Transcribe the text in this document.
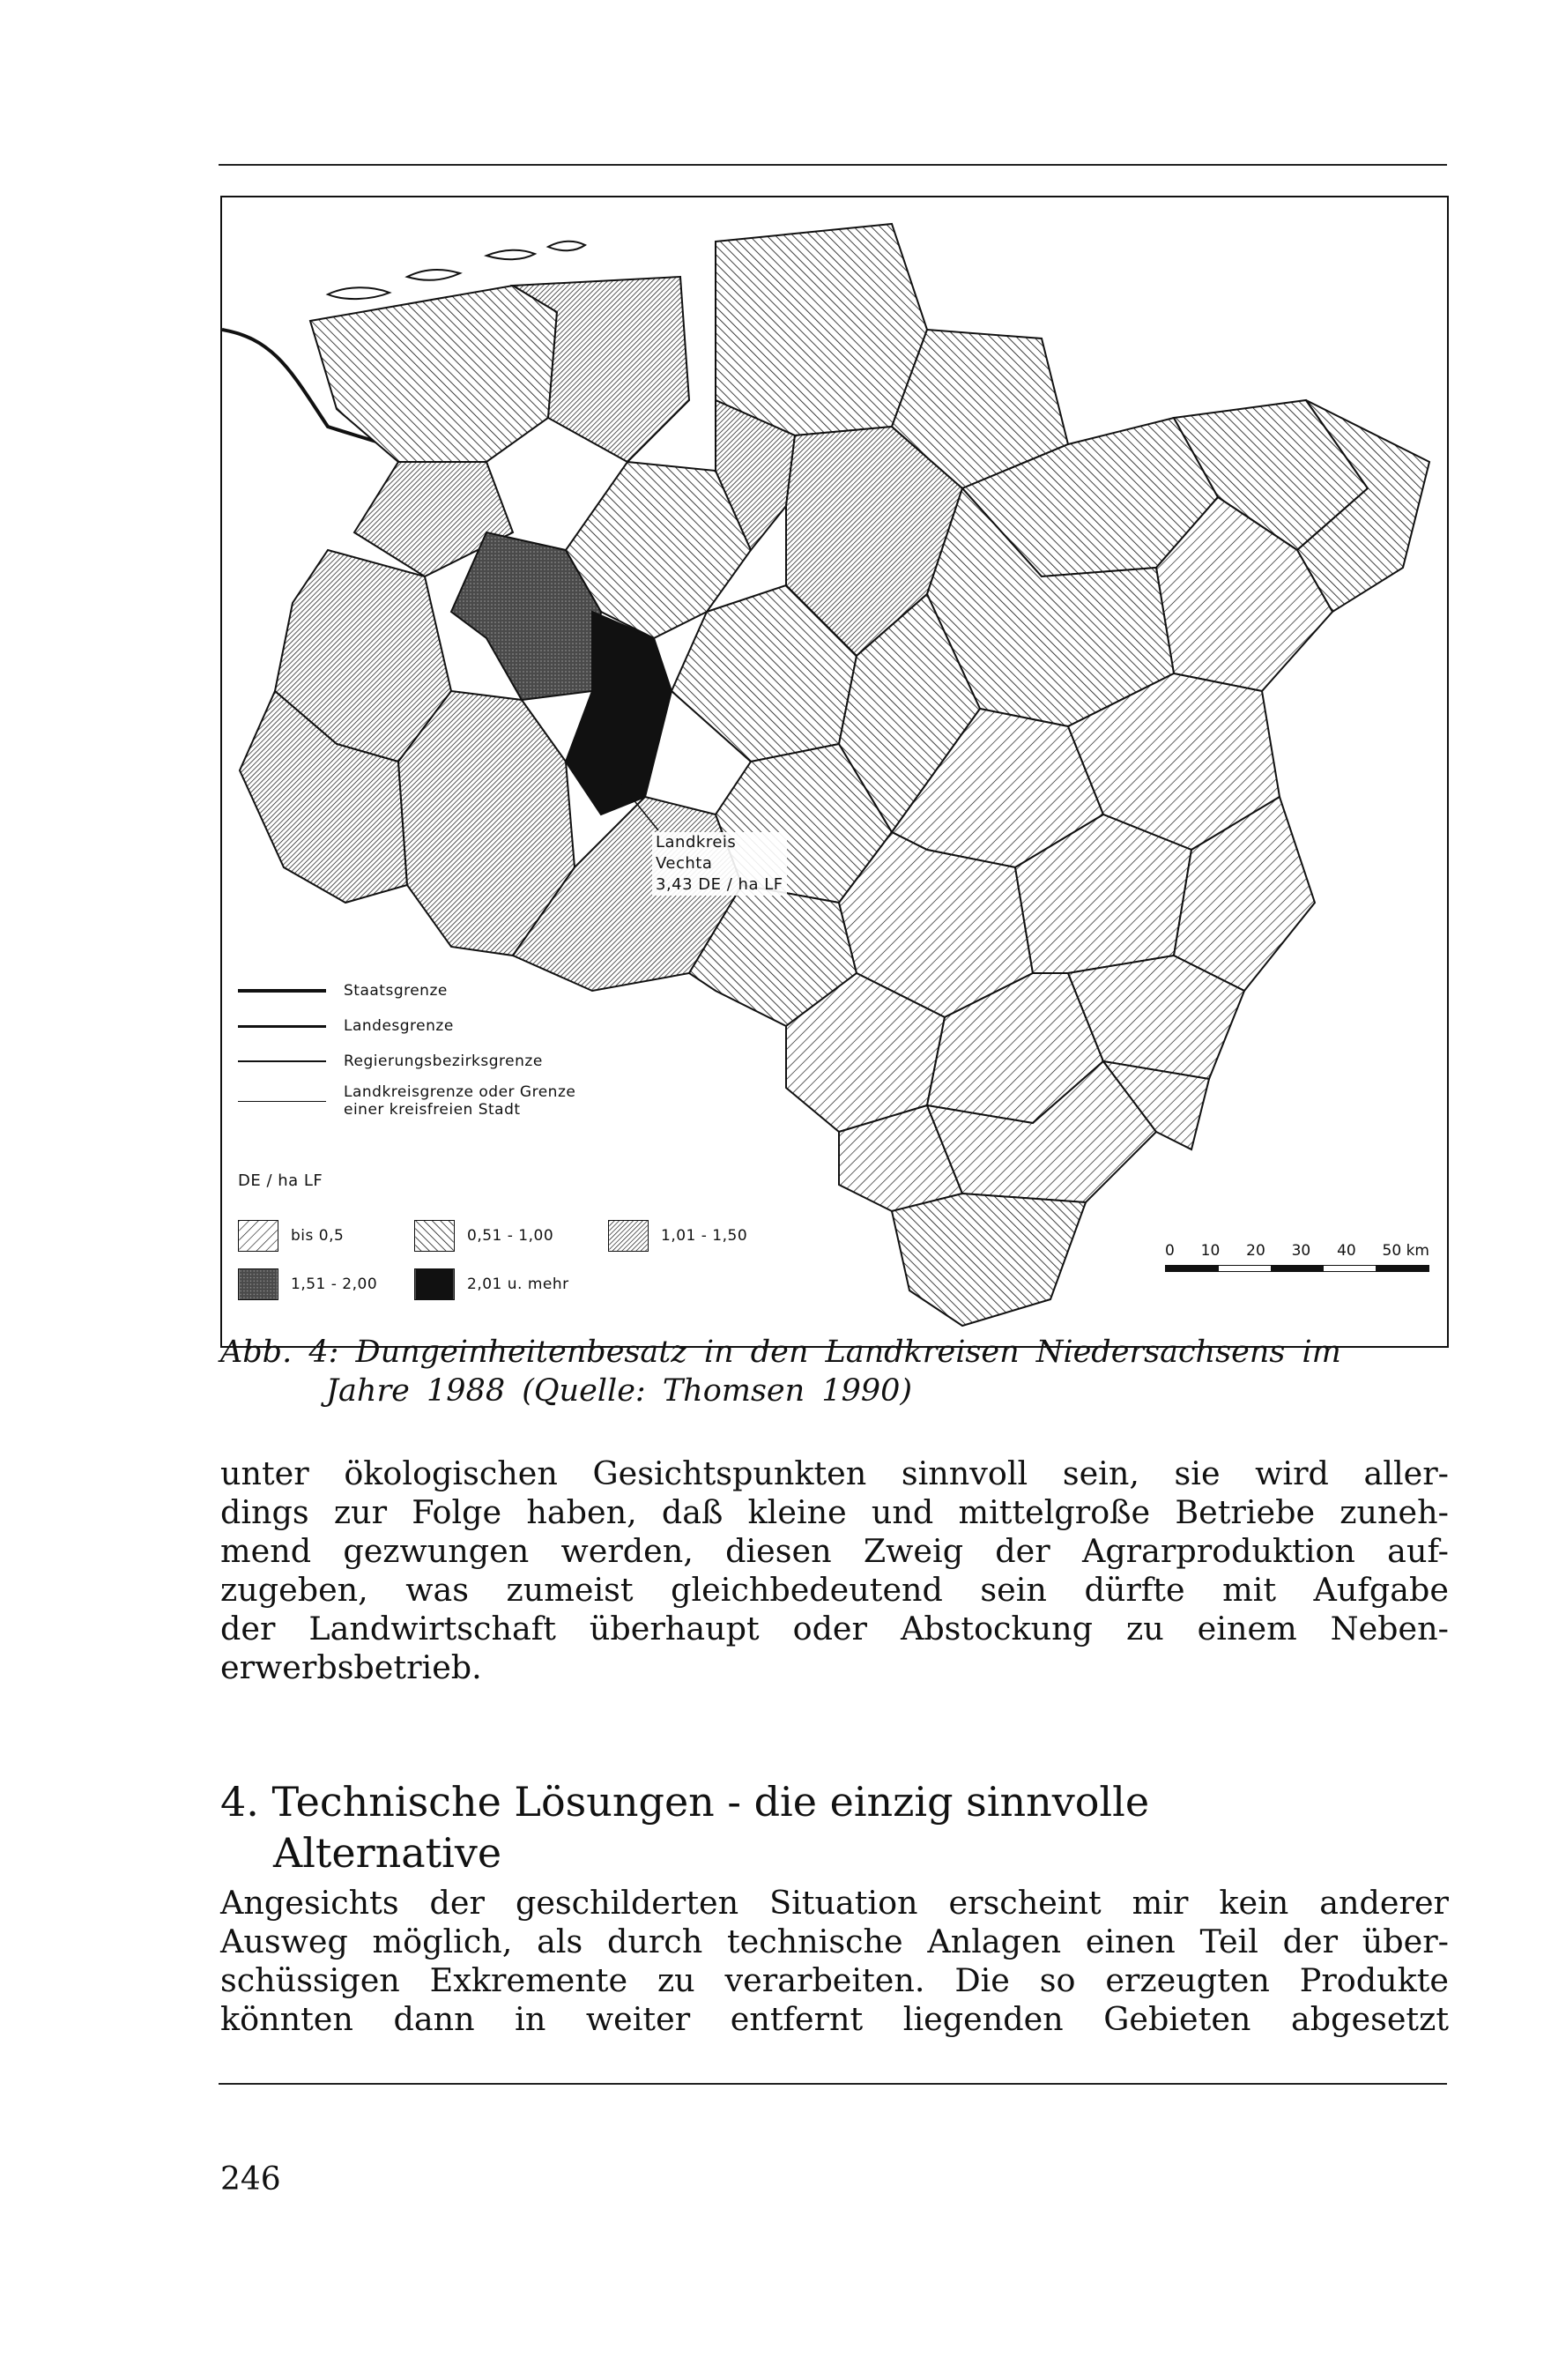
Landkreis
Vechta
3,43 DE / ha LF
Staatsgrenze
Landesgrenze
Regierungsbezirksgrenze
Landkreisgrenze oder Grenze
einer kreisfreien Stadt
DE / ha LF
bis 0,5	0,51 - 1,00	1,01 - 1,50
1,51 - 2,00	2,01 u. mehr
0 10 20 30 40 50 km
Abb. 4: Dungeinheitenbesatz in den Landkreisen Niedersachsens im
Jahre 1988 (Quelle: Thomsen 1990)
unter ökologischen Gesichtspunkten sinnvoll sein, sie wird aller-
dings zur Folge haben, daß kleine und mittelgroße Betriebe zuneh-
mend gezwungen werden, diesen Zweig der Agrarproduktion auf-
zugeben, was zumeist gleichbedeutend sein dürfte mit Aufgabe
der Landwirtschaft überhaupt oder Abstockung zu einem Neben-
erwerbsbetrieb.
4. Technische Lösungen - die einzig sinnvolle
Alternative
Angesichts der geschilderten Situation erscheint mir kein anderer
Ausweg möglich, als durch technische Anlagen einen Teil der über-
schüssigen Exkremente zu verarbeiten. Die so erzeugten Produkte
könnten dann in weiter entfernt liegenden Gebieten abgesetzt
246
